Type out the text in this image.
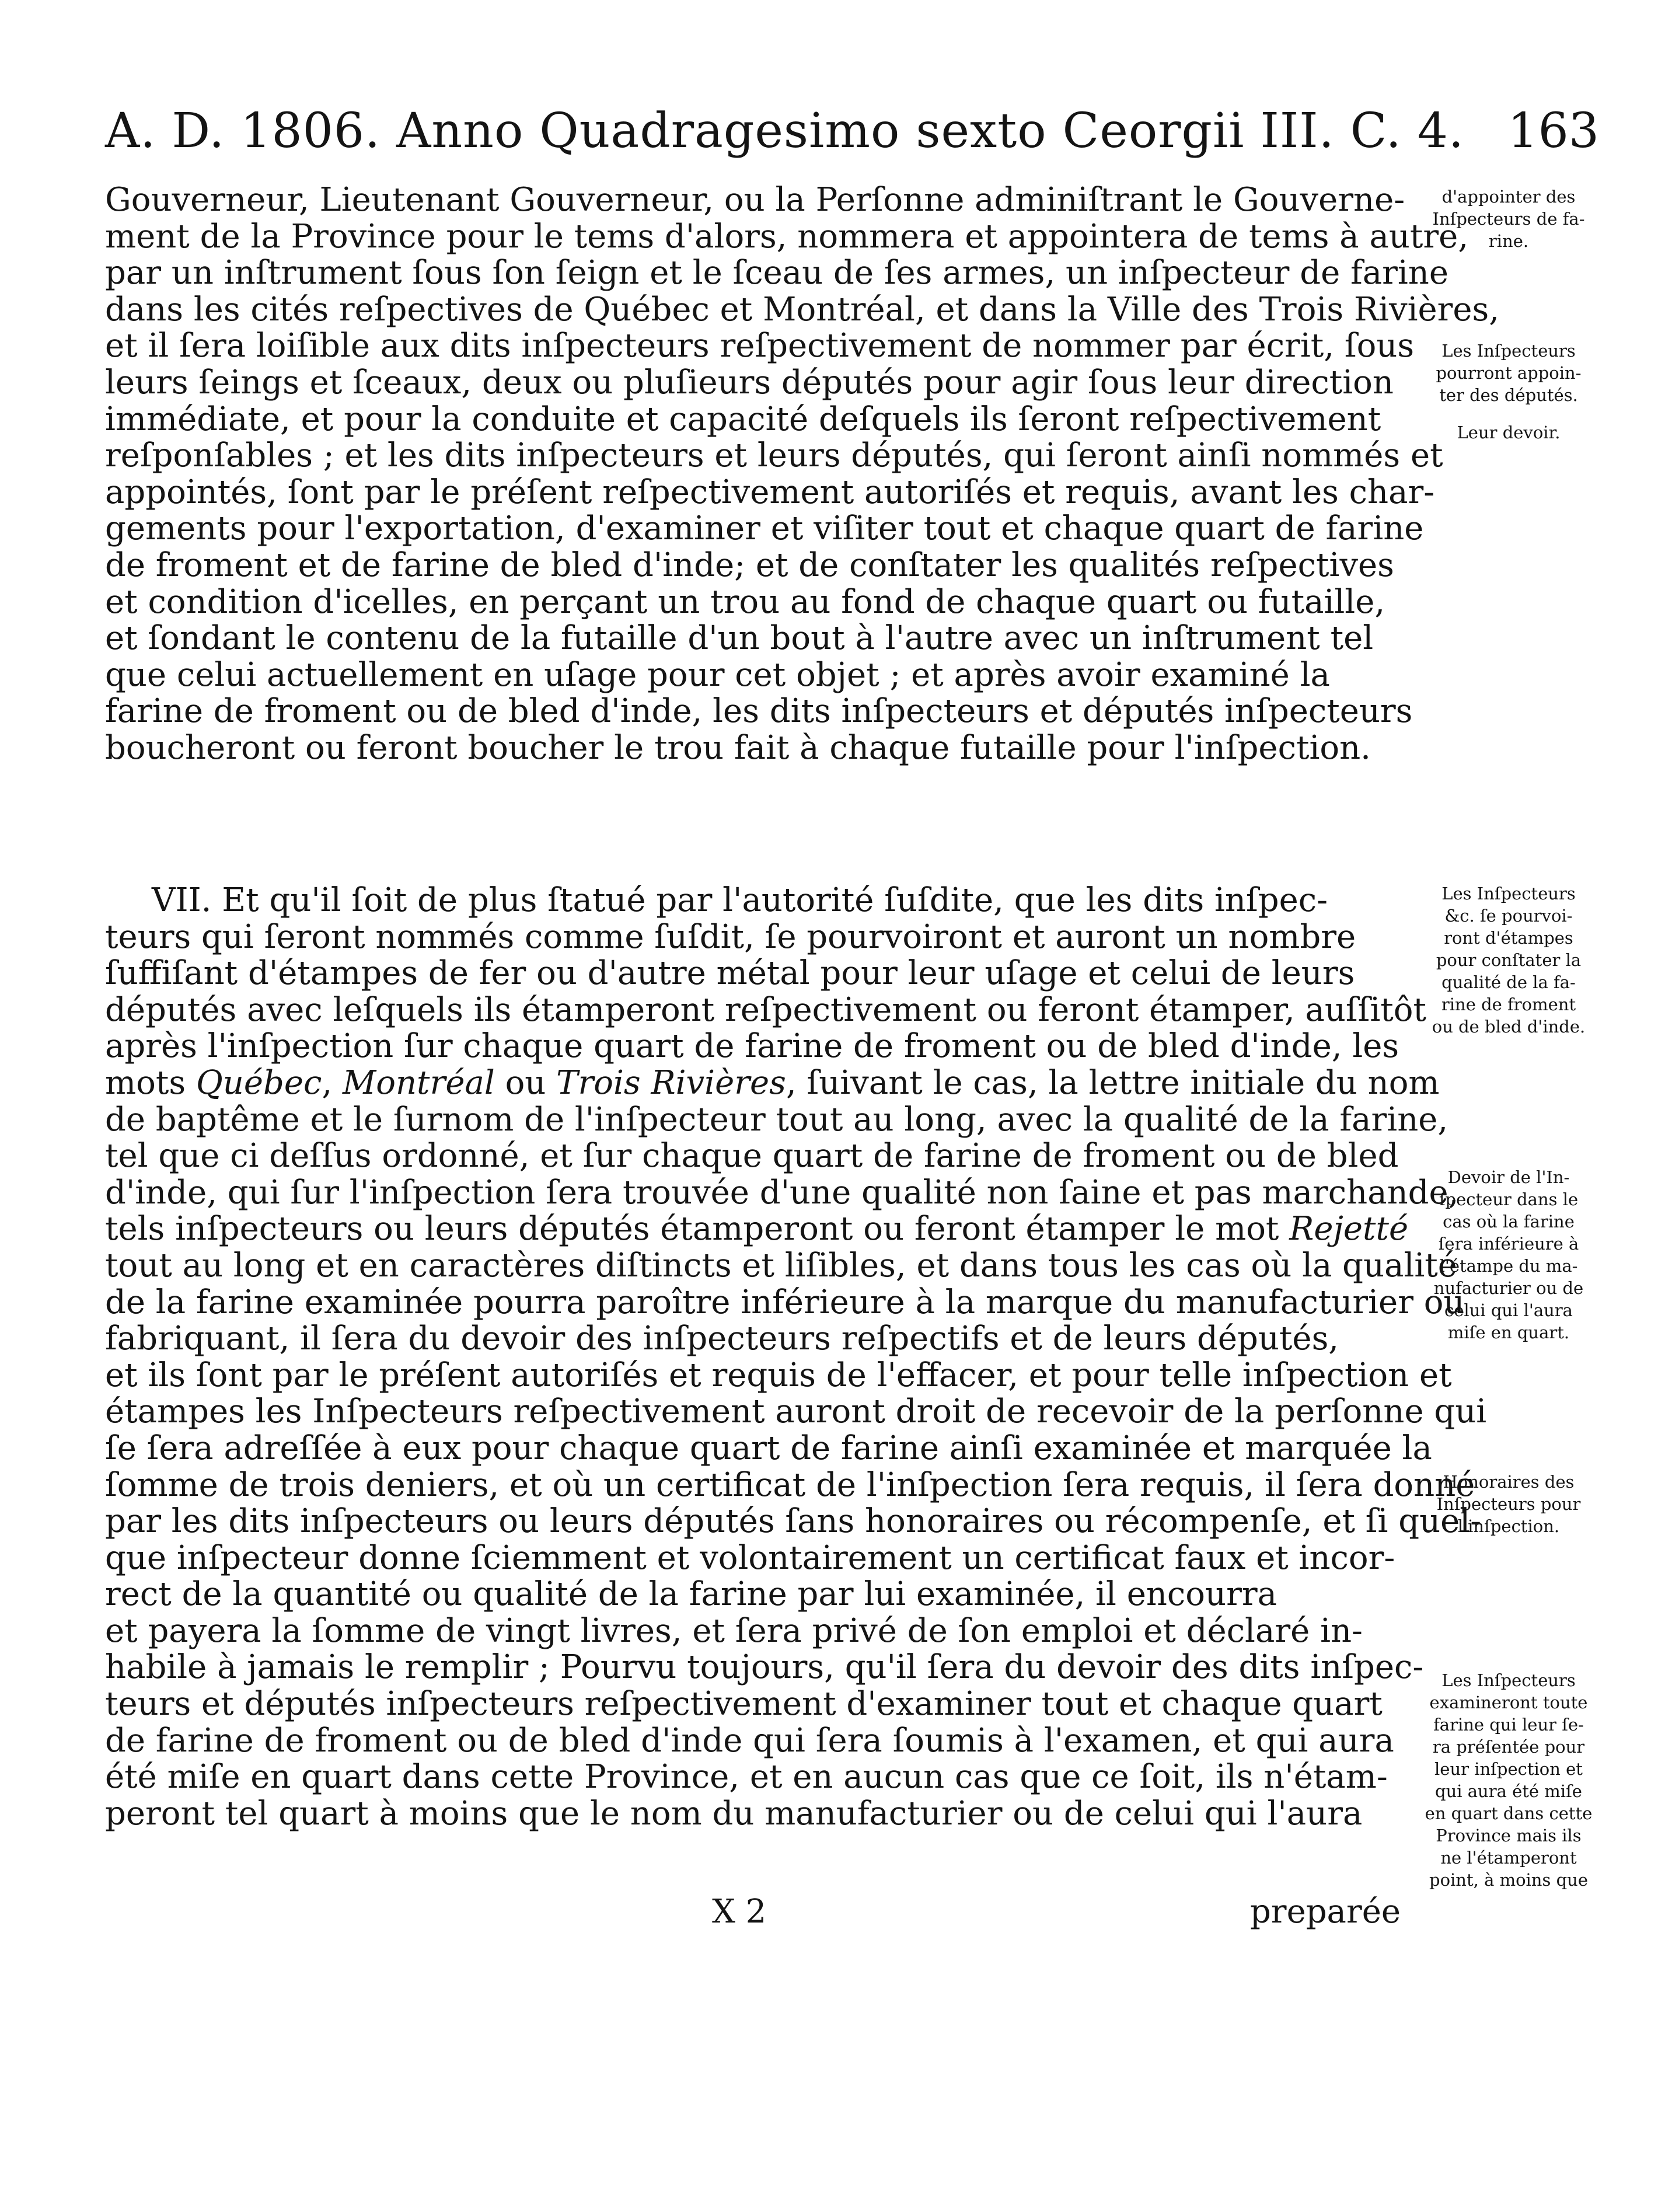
A. D. 1806. Anno Quadragesimo sexto Ceorgii III. C. 4. 163
Gouverneur, Lieutenant Gouverneur, ou la Perſonne adminiſtrant le Gouverne-
ment de la Province pour le tems d'alors, nommera et appointera de tems à autre,
par un inſtrument ſous ſon ſeign et le ſceau de ſes armes, un inſpecteur de farine
dans les cités reſpectives de Québec et Montréal, et dans la Ville des Trois Rivières,
et il ſera loiſible aux dits inſpecteurs reſpectivement de nommer par écrit, ſous
leurs ſeings et ſceaux, deux ou pluſieurs députés pour agir ſous leur direction
immédiate, et pour la conduite et capacité deſquels ils ſeront reſpectivement
reſponſables ; et les dits inſpecteurs et leurs députés, qui ſeront ainſi nommés et
appointés, ſont par le préſent reſpectivement autoriſés et requis, avant les char-
gements pour l'exportation, d'examiner et viſiter tout et chaque quart de farine
de froment et de farine de bled d'inde; et de conſtater les qualités reſpectives
et condition d'icelles, en perçant un trou au fond de chaque quart ou futaille,
et ſondant le contenu de la futaille d'un bout à l'autre avec un inſtrument tel
que celui actuellement en uſage pour cet objet ; et après avoir examiné la
farine de froment ou de bled d'inde, les dits inſpecteurs et députés inſpecteurs
boucheront ou feront boucher le trou fait à chaque futaille pour l'inſpection.
VII. Et qu'il ſoit de plus ſtatué par l'autorité ſuſdite, que les dits inſpec-
teurs qui ſeront nommés comme ſuſdit, ſe pourvoiront et auront un nombre
ſuffiſant d'étampes de fer ou d'autre métal pour leur uſage et celui de leurs
députés avec leſquels ils étamperont reſpectivement ou feront étamper, auſſitôt
après l'inſpection ſur chaque quart de farine de froment ou de bled d'inde, les
mots Québec, Montréal ou Trois Rivières, ſuivant le cas, la lettre initiale du nom
de baptême et le ſurnom de l'inſpecteur tout au long, avec la qualité de la farine,
tel que ci deſſus ordonné, et ſur chaque quart de farine de froment ou de bled
d'inde, qui ſur l'inſpection ſera trouvée d'une qualité non ſaine et pas marchande,
tels inſpecteurs ou leurs députés étamperont ou feront étamper le mot Rejetté
tout au long et en caractères diſtincts et liſibles, et dans tous les cas où la qualité
de la farine examinée pourra paroître inférieure à la marque du manufacturier ou
fabriquant, il ſera du devoir des inſpecteurs reſpectifs et de leurs députés,
et ils ſont par le préſent autoriſés et requis de l'effacer, et pour telle inſpection et
étampes les Inſpecteurs reſpectivement auront droit de recevoir de la perſonne qui
ſe ſera adreſſée à eux pour chaque quart de farine ainſi examinée et marquée la
ſomme de trois deniers, et où un certificat de l'inſpection ſera requis, il ſera donné
par les dits inſpecteurs ou leurs députés ſans honoraires ou récompenſe, et ſi quel-
que inſpecteur donne ſciemment et volontairement un certificat faux et incor-
rect de la quantité ou qualité de la farine par lui examinée, il encourra
et payera la ſomme de vingt livres, et ſera privé de ſon emploi et déclaré in-
habile à jamais le remplir ; Pourvu toujours, qu'il ſera du devoir des dits inſpec-
teurs et députés inſpecteurs reſpectivement d'examiner tout et chaque quart
de farine de froment ou de bled d'inde qui ſera ſoumis à l'examen, et qui aura
été miſe en quart dans cette Province, et en aucun cas que ce ſoit, ils n'étam-
peront tel quart à moins que le nom du manufacturier ou de celui qui l'aura
X 2	preparée
d'appointer des
Inſpecteurs de fa-
rine.
Les Inſpecteurs
pourront appoin-
ter des députés.
Leur devoir.
Les Inſpecteurs
&c. ſe pourvoi-
ront d'étampes
pour conſtater la
qualité de la fa-
rine de froment
ou de bled d'inde.
Devoir de l'In-
ſpecteur dans le
cas où la farine
ſera inférieure à
l'étampe du ma-
nufacturier ou de
celui qui l'aura
miſe en quart.
Honoraires des
Inſpecteurs pour
l'inſpection.
Les Inſpecteurs
examineront toute
farine qui leur ſe-
ra préſentée pour
leur inſpection et
qui aura été miſe
en quart dans cette
Province mais ils
ne l'étamperont
point, à moins que
